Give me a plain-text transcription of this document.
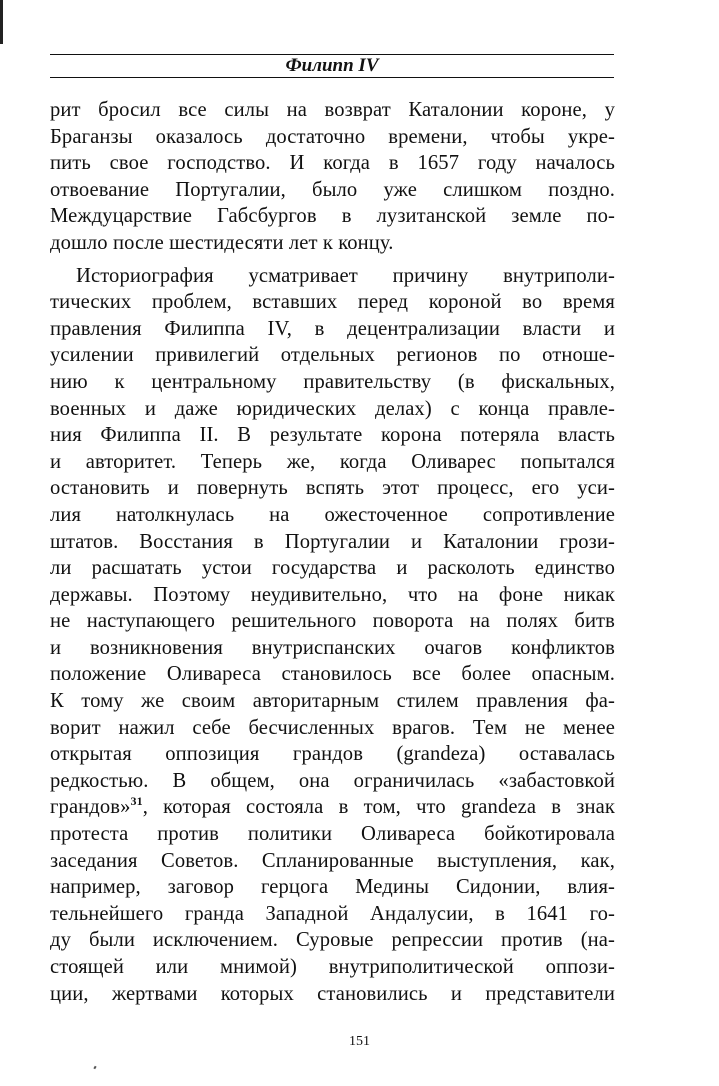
Филипп IV
рит бросил все силы на возврат Каталонии короне, у
Браганзы оказалось достаточно времени, чтобы укре-
пить свое господство. И когда в 1657 году началось
отвоевание Португалии, было уже слишком поздно.
Междуцарствие Габсбургов в лузитанской земле по-
дошло после шестидесяти лет к концу.
Историография усматривает причину внутриполи-
тических проблем, вставших перед короной во время
правления Филиппа IV, в децентрализации власти и
усилении привилегий отдельных регионов по отноше-
нию к центральному правительству (в фискальных,
военных и даже юридических делах) с конца правле-
ния Филиппа II. В результате корона потеряла власть
и авторитет. Теперь же, когда Оливарес попытался
остановить и повернуть вспять этот процесс, его уси-
лия натолкнулась на ожесточенное сопротивление
штатов. Восстания в Португалии и Каталонии грози-
ли расшатать устои государства и расколоть единство
державы. Поэтому неудивительно, что на фоне никак
не наступающего решительного поворота на полях битв
и возникновения внутриспанских очагов конфликтов
положение Оливареса становилось все более опасным.
К тому же своим авторитарным стилем правления фа-
ворит нажил себе бесчисленных врагов. Тем не менее
открытая оппозиция грандов (grandeza) оставалась
редкостью. В общем, она ограничилась «забастовкой
грандов»$^{31}$, которая состояла в том, что grandeza в знак
протеста против политики Оливареса бойкотировала
заседания Советов. Спланированные выступления, как,
например, заговор герцога Медины Сидонии, влия-
тельнейшего гранда Западной Андалусии, в 1641 го-
ду были исключением. Суровые репрессии против (на-
стоящей или мнимой) внутриполитической оппози-
ции, жертвами которых становились и представители
151
